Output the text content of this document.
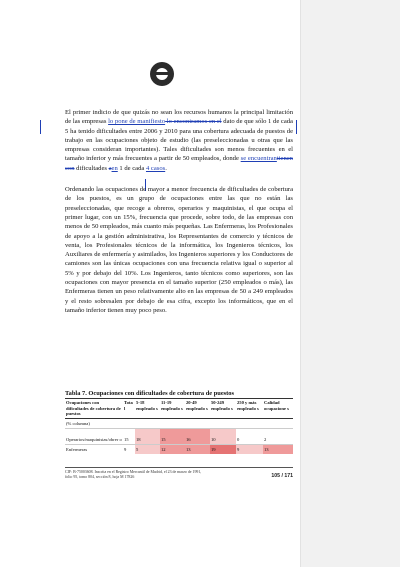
El primer indicio de que quizás no sean los recursos humanos la principal limitación de las empresas lo pone de manifiesto lo encontramos en el dato de que sólo 1 de cada 5 ha tenido dificultades entre 2006 y 2010 para una cobertura adecuada de puestos de trabajo en las ocupaciones objeto de estudio (las preseleccionadas u otras que las empresas consideran importantes). Tales dificultades son menos frecuentes en el tamaño inferior y más frecuentes a partir de 50 empleados, donde se encuentrantienen con dificultades aen 1 de cada 4 casos.

Ordenando las ocupaciones de mayor a menor frecuencia de dificultades de cobertura de los puestos, es un grupo de ocupaciones entre las que no están las preseleccionadas, que recoge a obreros, operarios y maquinistas, el que ocupa el primer lugar, con un 15%, frecuencia que procede, sobre todo, de las empresas con menos de 50 empleados, más cuanto más pequeñas. Las Enfermeras, los Profesionales de apoyo a la gestión administrativa, los Representantes de comercio y técnicos de venta, los Profesionales técnicos de la informática, los Ingenieros técnicos, los Auxiliares de enfermería y asimilados, los Ingenieros superiores y los Conductores de camiones son las únicas ocupaciones con una frecuencia relativa igual o superior al 5% y por debajo del 10%. Los Ingenieros, tanto técnicos como superiores, son las ocupaciones con mayor presencia en el tamaño superior (250 empleados o más), las Enfermeras tienen un peso relativamente alto en las empresas de 50 a 249 empleados y el resto sobresalen por debajo de esa cifra, excepto los informáticos, que en el tamaño inferior tienen muy poco peso.

Tabla 7. Ocupaciones con dificultades de cobertura de puestos
Ocupaciones con dificultades de cobertura de puestos	Tota l	5-18 empleado s	11-19 empleado s	20-49 empleado s	50-249 empleado s	250 y más empleado s	Calidad ocupacione s
(% columna)							
Operarios/maquinistas/obrer o	15	18	15	16	10	0	2
Enfermeras	9	5	12	13	19	9	13
CIF: B-75003608. Inscrita en el Registro Mercantil de Madrid, el 23 de marzo de 1991, folio 95, tomo 804, sección 8, hoja M 17826	105 / 171
